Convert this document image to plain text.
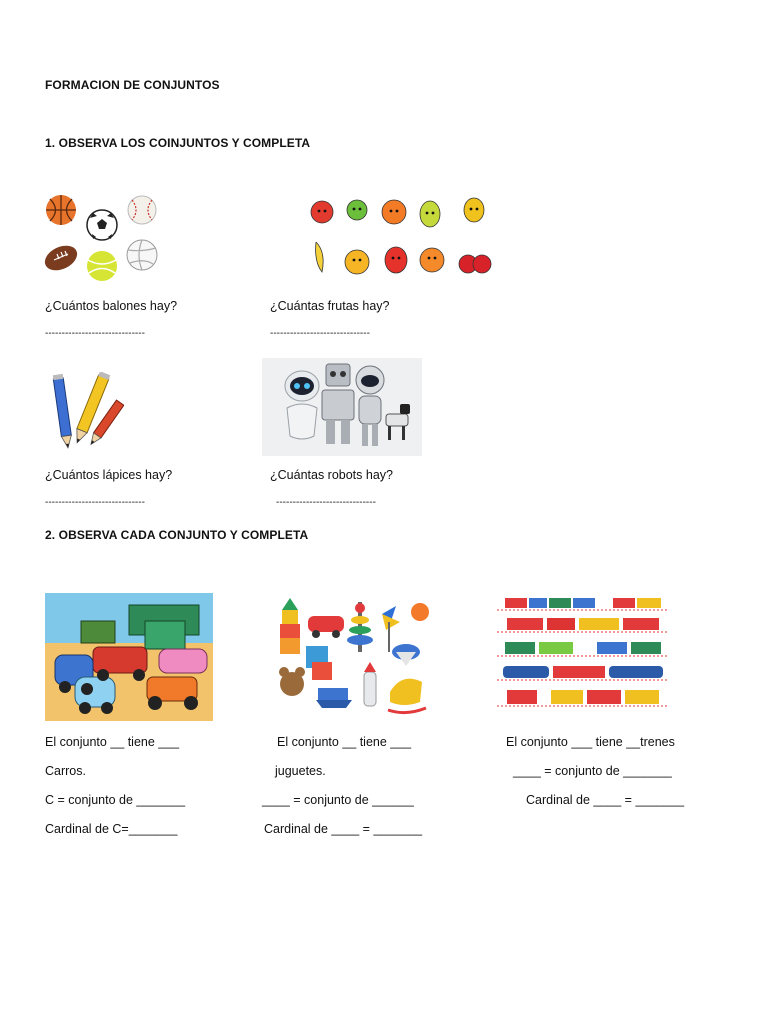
FORMACION DE CONJUNTOS
1. OBSERVA LOS COINJUNTOS Y COMPLETA
¿Cuántos balones hay?	¿Cuántas frutas hay?
------------------------------	------------------------------
¿Cuántos lápices hay?	¿Cuántas robots hay?
------------------------------	------------------------------
2. OBSERVA CADA CONJUNTO Y COMPLETA
El conjunto __ tiene ___
Carros.
C = conjunto de _______
Cardinal de C=_______
El conjunto __ tiene ___
juguetes.
____ = conjunto de ______
Cardinal de ____ = _______
El conjunto ___ tiene __trenes
____ = conjunto de _______
Cardinal de ____ = _______
